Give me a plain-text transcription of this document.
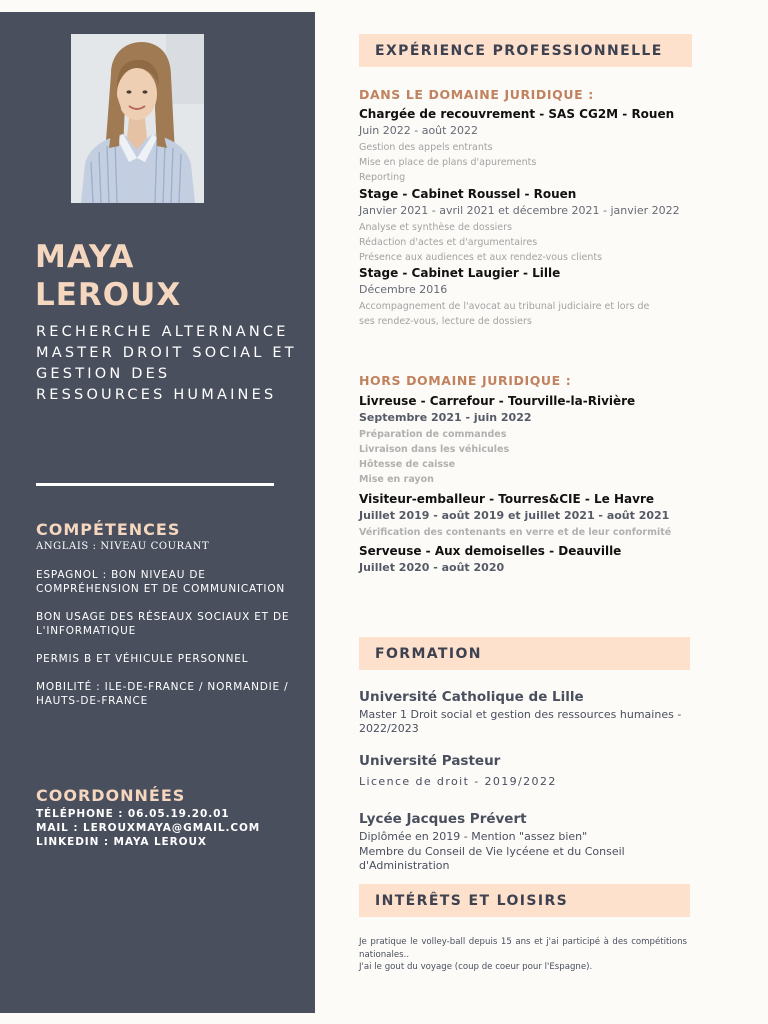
MAYA
LEROUX

RECHERCHE ALTERNANCE MASTER DROIT SOCIAL ET GESTION DES RESSOURCES HUMAINES

COMPÉTENCES
ANGLAIS : NIVEAU COURANT
ESPAGNOL : BON NIVEAU DE COMPRÉHENSION ET DE COMMUNICATION
BON USAGE DES RÉSEAUX SOCIAUX ET DE L'INFORMATIQUE
PERMIS B ET VÉHICULE PERSONNEL
MOBILITÉ : ILE-DE-FRANCE / NORMANDIE / HAUTS-DE-FRANCE
COORDONNÉES
TÉLÉPHONE : 06.05.19.20.01
MAIL : LEROUXMAYA@GMAIL.COM
LINKEDIN : MAYA LEROUX
EXPÉRIENCE PROFESSIONNELLE
DANS LE DOMAINE JURIDIQUE :

Chargée de recouvrement - SAS CG2M - Rouen

Juin 2022 - août 2022

Gestion des appels entrants
Mise en place de plans d'apurements
Reporting

Stage - Cabinet Roussel - Rouen

Janvier 2021 - avril 2021 et décembre 2021 - janvier 2022

Analyse et synthèse de dossiers
Rédaction d'actes et d'argumentaires
Présence aux audiences et aux rendez-vous clients

Stage - Cabinet Laugier - Lille

Décembre 2016

Accompagnement de l'avocat au tribunal judiciaire et lors de
ses rendez-vous, lecture de dossiers
HORS DOMAINE JURIDIQUE :

Livreuse - Carrefour - Tourville-la-Rivière

Septembre 2021 - juin 2022

Préparation de commandes
Livraison dans les véhicules
Hôtesse de caisse
Mise en rayon

Visiteur-emballeur - Tourres&CIE - Le Havre

Juillet 2019 - août 2019 et juillet 2021 - août 2021

Vérification des contenants en verre et de leur conformité

Serveuse - Aux demoiselles - Deauville

Juillet 2020 - août 2020

FORMATION

Université Catholique de Lille

Master 1 Droit social et gestion des ressources humaines - 2022/2023

Université Pasteur

Licence de droit - 2019/2022

Lycée Jacques Prévert

Diplômée en 2019 - Mention "assez bien"

Membre du Conseil de Vie lycéene et du Conseil d'Administration

INTÉRÊTS ET LOISIRS

Je pratique le volley-ball depuis 15 ans et j'ai participé à des compétitions nationales..
J'ai le gout du voyage (coup de coeur pour l'Espagne).
